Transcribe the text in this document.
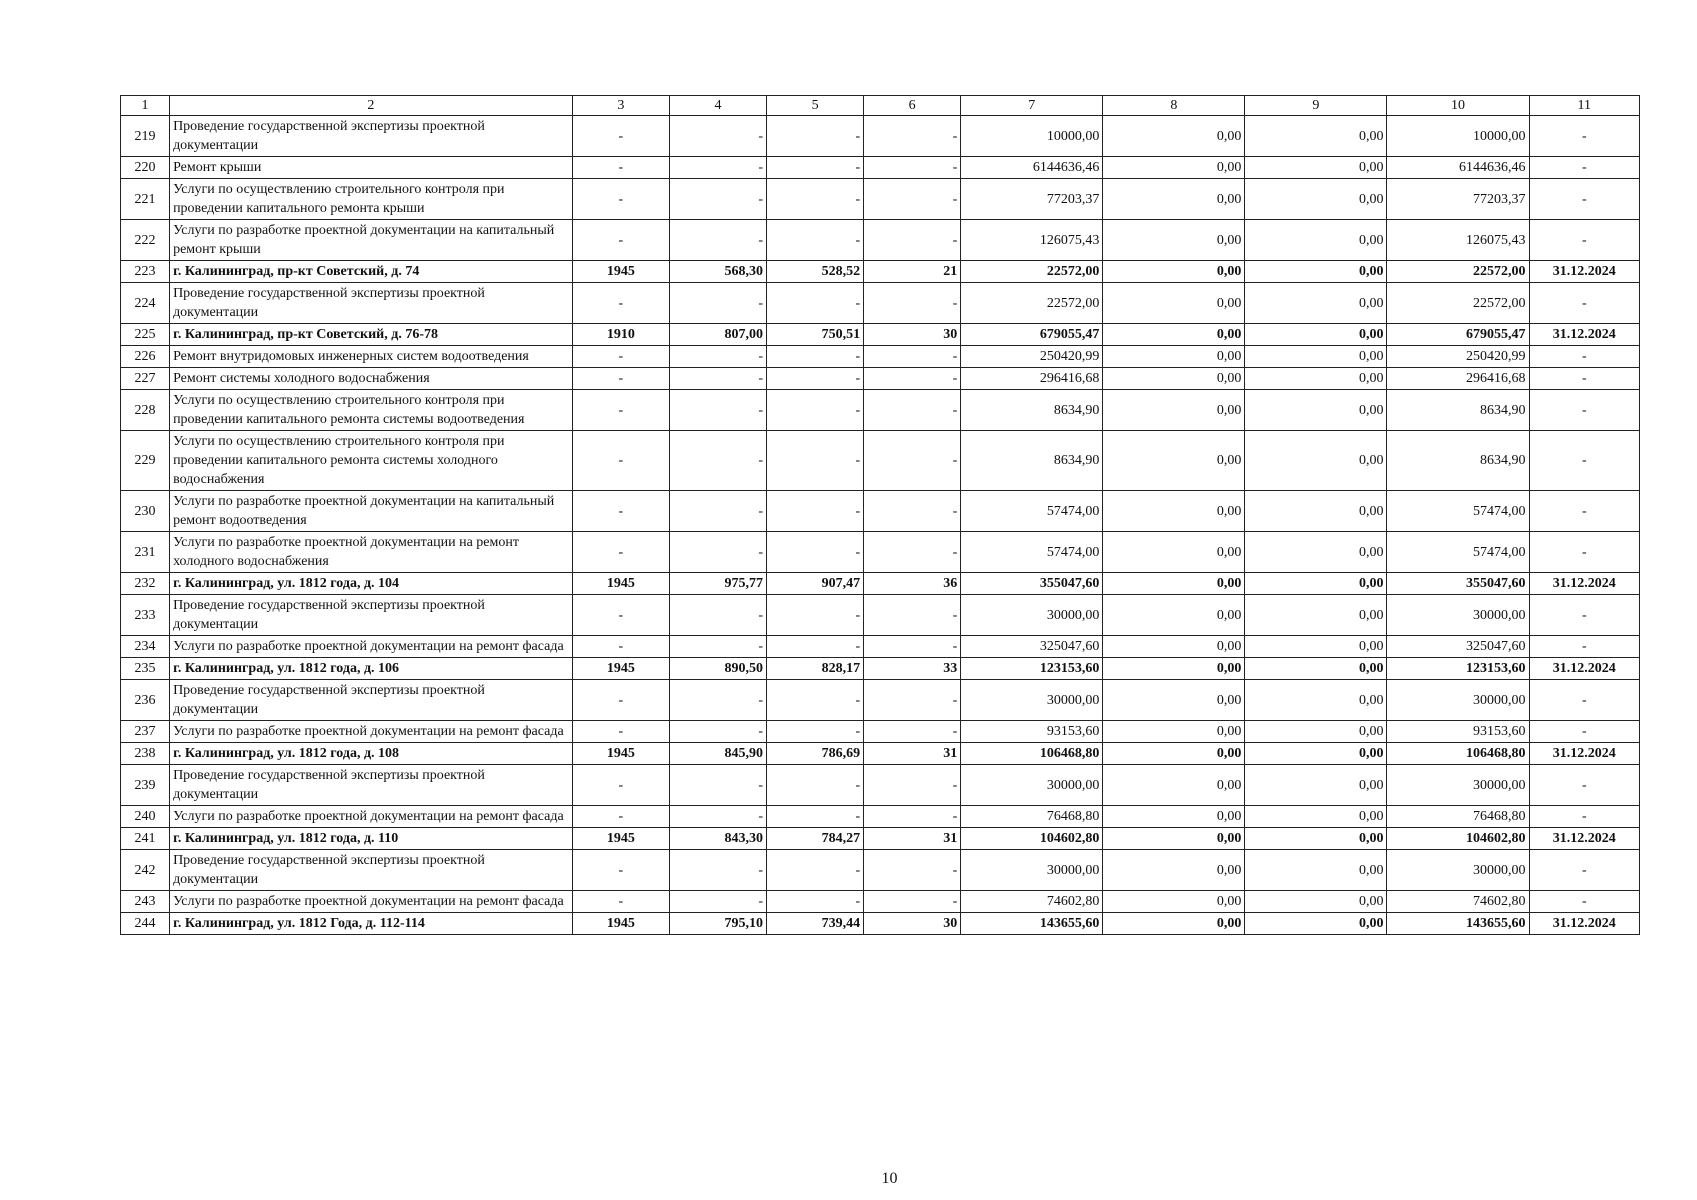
1	2	3	4	5	6	7	8	9	10	11
219	Проведение государственной экспертизы проектной документации	-	-	-	-	10000,00	0,00	0,00	10000,00	-
220	Ремонт крыши	-	-	-	-	6144636,46	0,00	0,00	6144636,46	-
221	Услуги по осуществлению строительного контроля при проведении капитального ремонта крыши	-	-	-	-	77203,37	0,00	0,00	77203,37	-
222	Услуги по разработке проектной документации на капитальный ремонт крыши	-	-	-	-	126075,43	0,00	0,00	126075,43	-
223	г. Калининград, пр-кт Советский, д. 74	1945	568,30	528,52	21	22572,00	0,00	0,00	22572,00	31.12.2024
224	Проведение государственной экспертизы проектной документации	-	-	-	-	22572,00	0,00	0,00	22572,00	-
225	г. Калининград, пр-кт Советский, д. 76-78	1910	807,00	750,51	30	679055,47	0,00	0,00	679055,47	31.12.2024
226	Ремонт внутридомовых инженерных систем водоотведения	-	-	-	-	250420,99	0,00	0,00	250420,99	-
227	Ремонт системы холодного водоснабжения	-	-	-	-	296416,68	0,00	0,00	296416,68	-
228	Услуги по осуществлению строительного контроля при проведении капитального ремонта системы водоотведения	-	-	-	-	8634,90	0,00	0,00	8634,90	-
229	Услуги по осуществлению строительного контроля при проведении капитального ремонта системы холодного водоснабжения	-	-	-	-	8634,90	0,00	0,00	8634,90	-
230	Услуги по разработке проектной документации на капитальный ремонт водоотведения	-	-	-	-	57474,00	0,00	0,00	57474,00	-
231	Услуги по разработке проектной документации на ремонт холодного водоснабжения	-	-	-	-	57474,00	0,00	0,00	57474,00	-
232	г. Калининград, ул. 1812 года, д. 104	1945	975,77	907,47	36	355047,60	0,00	0,00	355047,60	31.12.2024
233	Проведение государственной экспертизы проектной документации	-	-	-	-	30000,00	0,00	0,00	30000,00	-
234	Услуги по разработке проектной документации на ремонт фасада	-	-	-	-	325047,60	0,00	0,00	325047,60	-
235	г. Калининград, ул. 1812 года, д. 106	1945	890,50	828,17	33	123153,60	0,00	0,00	123153,60	31.12.2024
236	Проведение государственной экспертизы проектной документации	-	-	-	-	30000,00	0,00	0,00	30000,00	-
237	Услуги по разработке проектной документации на ремонт фасада	-	-	-	-	93153,60	0,00	0,00	93153,60	-
238	г. Калининград, ул. 1812 года, д. 108	1945	845,90	786,69	31	106468,80	0,00	0,00	106468,80	31.12.2024
239	Проведение государственной экспертизы проектной документации	-	-	-	-	30000,00	0,00	0,00	30000,00	-
240	Услуги по разработке проектной документации на ремонт фасада	-	-	-	-	76468,80	0,00	0,00	76468,80	-
241	г. Калининград, ул. 1812 года, д. 110	1945	843,30	784,27	31	104602,80	0,00	0,00	104602,80	31.12.2024
242	Проведение государственной экспертизы проектной документации	-	-	-	-	30000,00	0,00	0,00	30000,00	-
243	Услуги по разработке проектной документации на ремонт фасада	-	-	-	-	74602,80	0,00	0,00	74602,80	-
244	г. Калининград, ул. 1812 Года, д. 112-114	1945	795,10	739,44	30	143655,60	0,00	0,00	143655,60	31.12.2024
10
